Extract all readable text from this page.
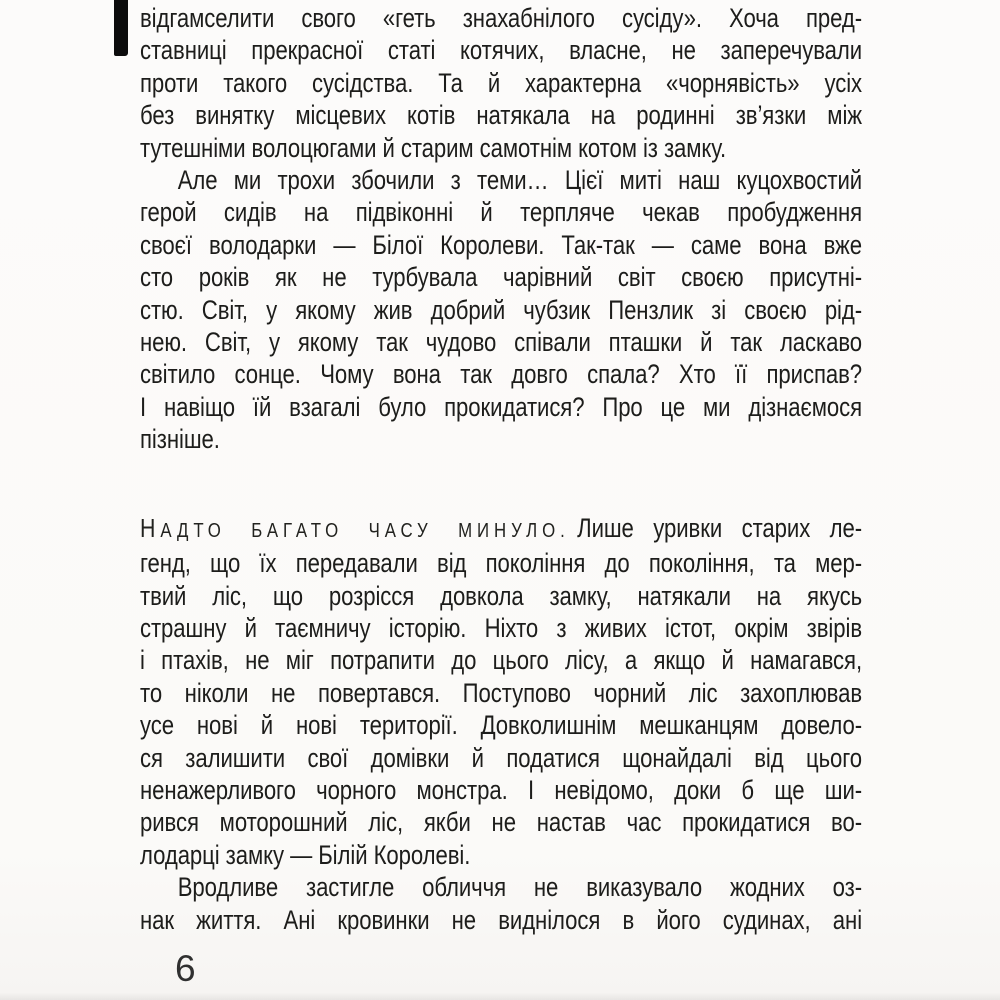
відгамселити свого «геть знахабнілого сусіду». Хоча пред-
ставниці прекрасної статі котячих, власне, не заперечували
проти такого сусідства. Та й характерна «чорнявість» усіх
без винятку місцевих котів натякала на родинні зв’язки між
тутешніми волоцюгами й старим самотнім котом із замку.
Але ми трохи збочили з теми… Цієї миті наш куцохвостий
герой сидів на підвіконні й терпляче чекав пробудження
своєї володарки — Білої Королеви. Так-так — саме вона вже
сто років як не турбувала чарівний світ своєю присутні-
стю. Світ, у якому жив добрий чубзик Пензлик зі своєю рід-
нею. Світ, у якому так чудово співали пташки й так ласкаво
світило сонце. Чому вона так довго спала? Хто її приспав?
І навіщо їй взагалі було прокидатися? Про це ми дізнаємося
пізніше.
НАДТО БАГАТО ЧАСУ МИНУЛО. Лише уривки старих ле-
генд, що їх передавали від покоління до покоління, та мер-
твий ліс, що розрісся довкола замку, натякали на якусь
страшну й таємничу історію. Ніхто з живих істот, окрім звірів
і птахів, не міг потрапити до цього лісу, а якщо й намагався,
то ніколи не повертався. Поступово чорний ліс захоплював
усе нові й нові території. Довколишнім мешканцям довело-
ся залишити свої домівки й податися щонайдалі від цього
ненажерливого чорного монстра. І невідомо, доки б ще ши-
рився моторошний ліс, якби не настав час прокидатися во-
лодарці замку — Білій Королеві.
Вродливе застигле обличчя не виказувало жодних оз-
нак життя. Ані кровинки не виднілося в його судинах, ані
6
